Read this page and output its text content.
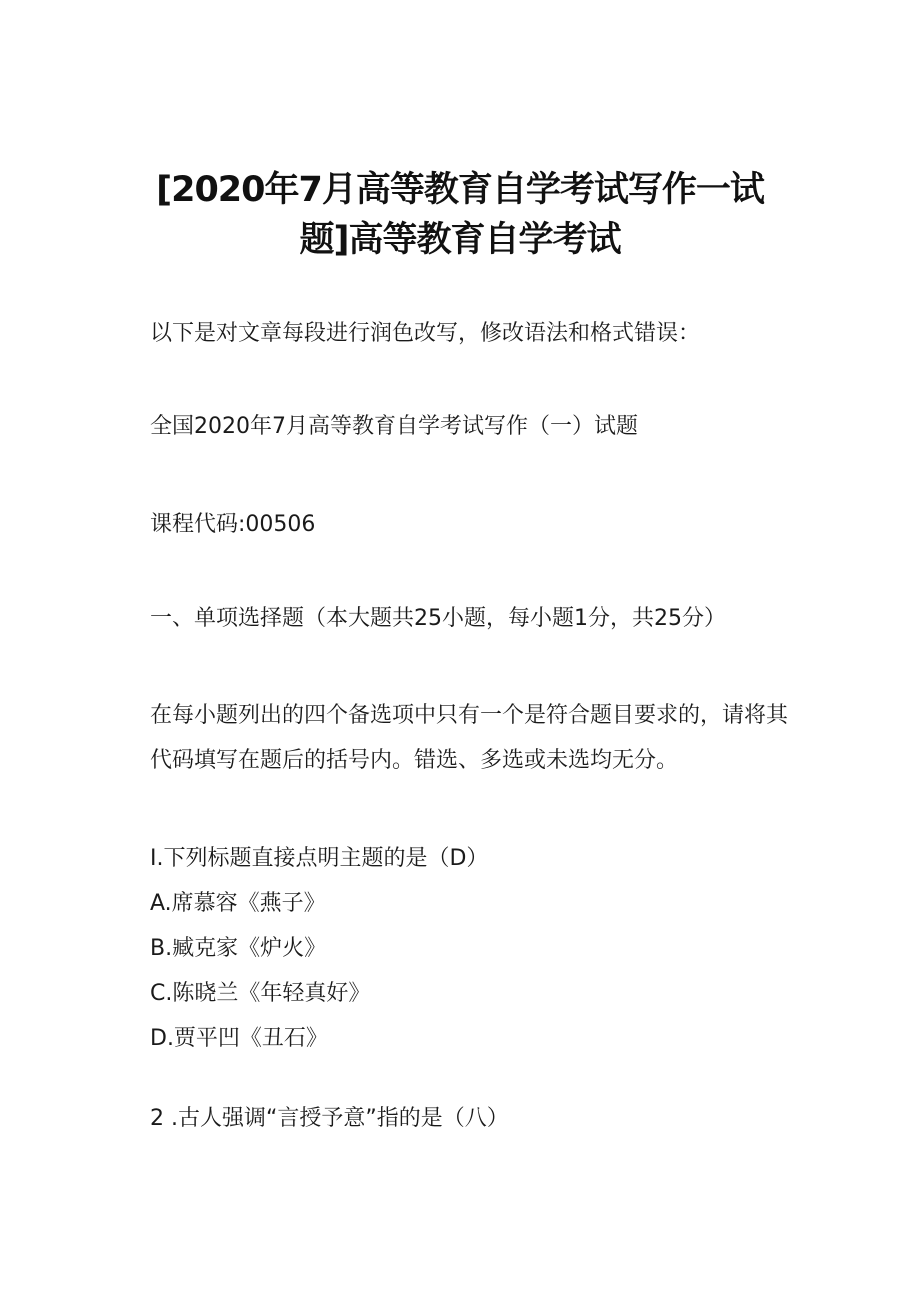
[2020年7月高等教育自学考试写作一试
题]高等教育自学考试
以下是对文章每段进行润色改写，修改语法和格式错误：
全国2020年7月高等教育自学考试写作（一）试题
课程代码:00506
一、单项选择题（本大题共25小题，每小题1分，共25分）
在每小题列出的四个备选项中只有一个是符合题目要求的，请将其
代码填写在题后的括号内。错选、多选或未选均无分。
I.下列标题直接点明主题的是（D）
A.席慕容《燕子》
B.臧克家《炉火》
C.陈晓兰《年轻真好》
D.贾平凹《丑石》
2 .古人强调“言授予意”指的是（八）
